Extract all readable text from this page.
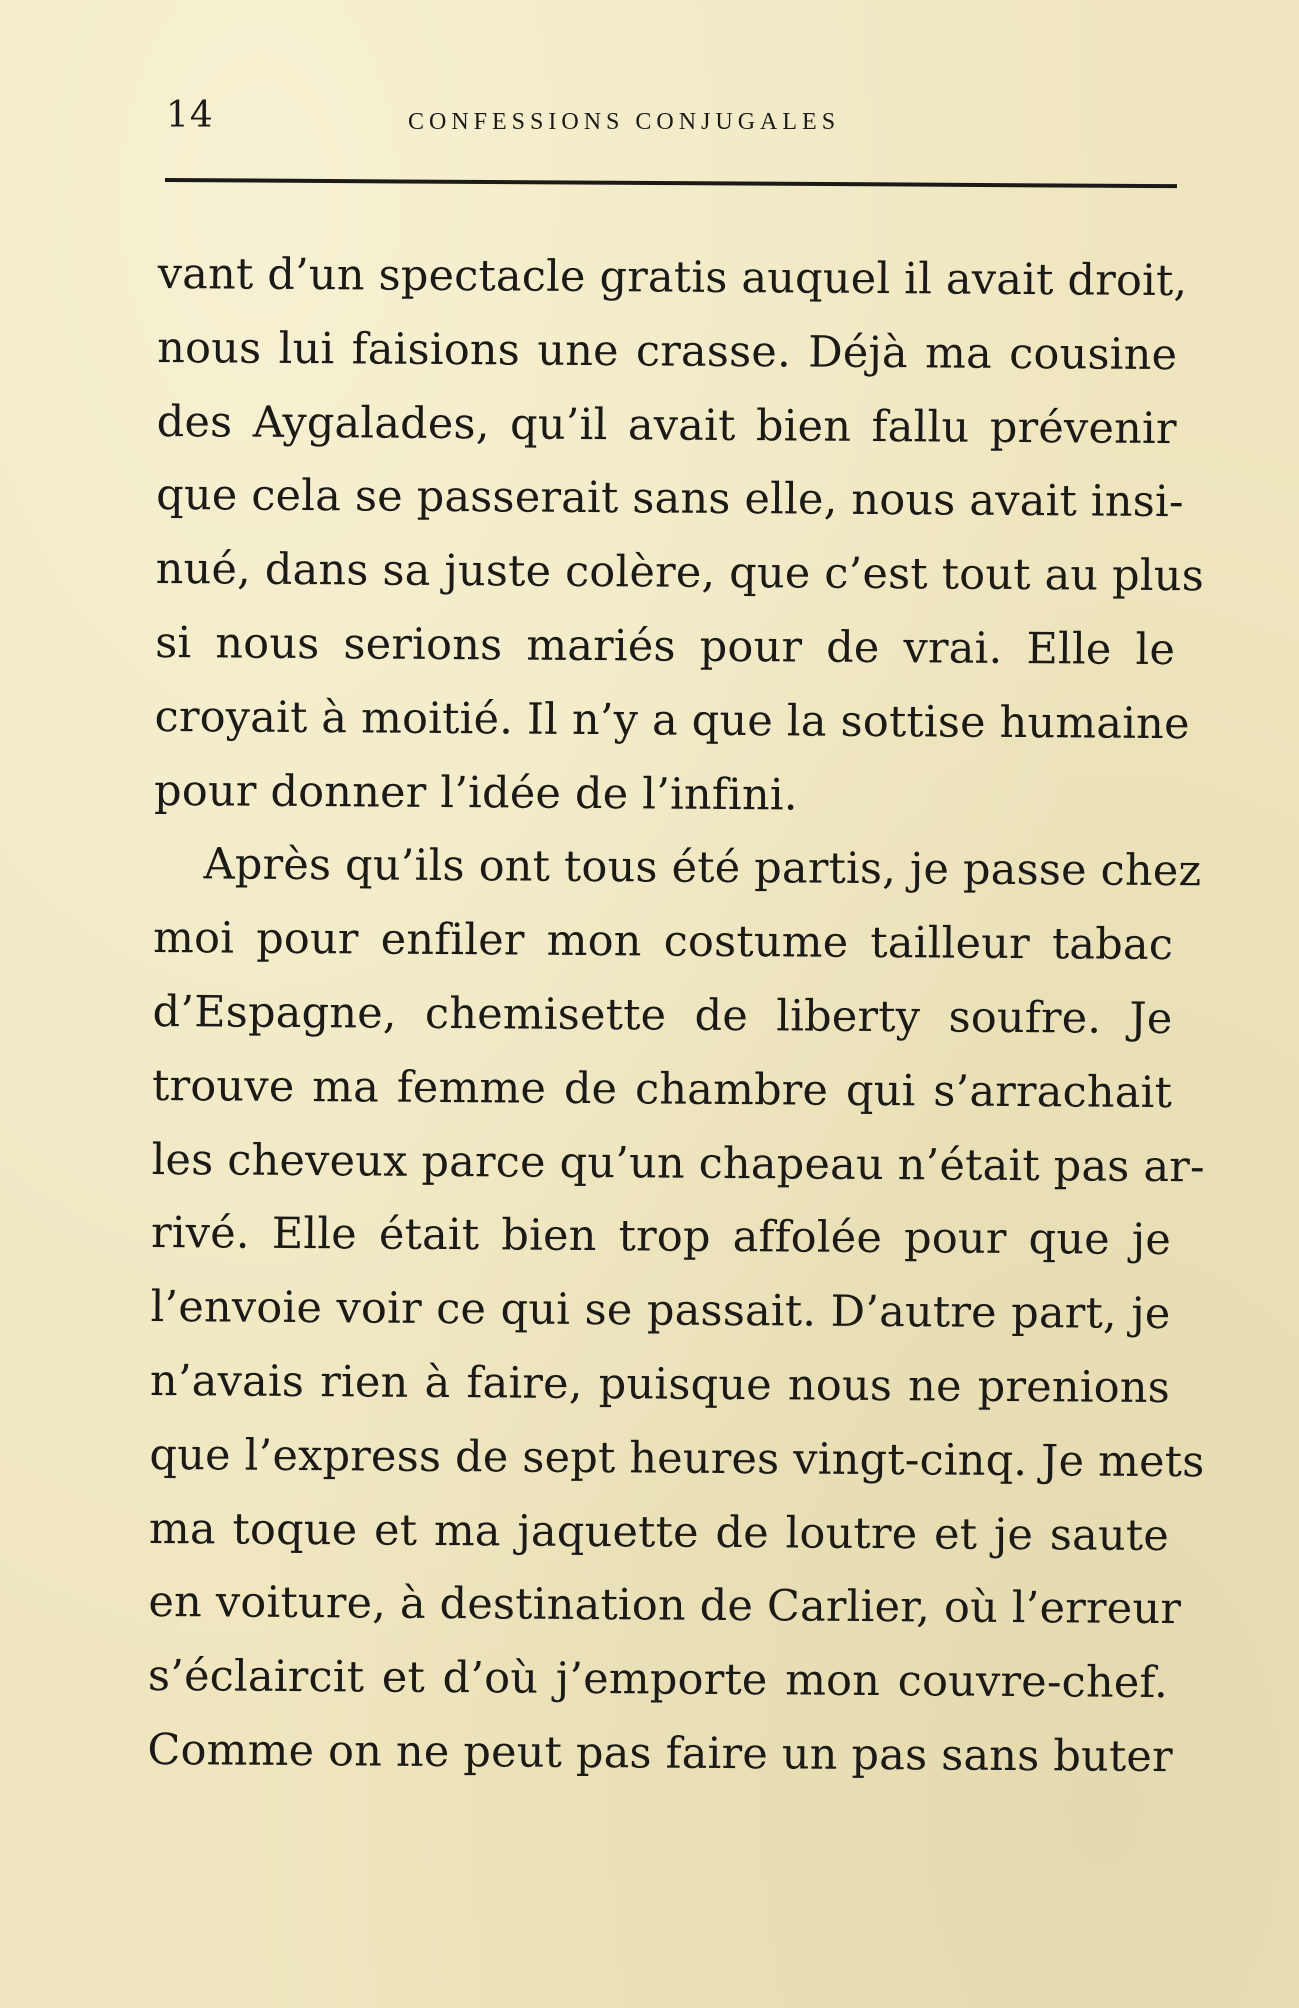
14	CONFESSIONS CONJUGALES
vant d’un spectacle gratis auquel il avait droit,
nous lui faisions une crasse. Déjà ma cousine
des Aygalades, qu’il avait bien fallu prévenir
que cela se passerait sans elle, nous avait insi-
nué, dans sa juste colère, que c’est tout au plus
si nous serions mariés pour de vrai. Elle le
croyait à moitié. Il n’y a que la sottise humaine
pour donner l’idée de l’infini.
Après qu’ils ont tous été partis, je passe chez
moi pour enfiler mon costume tailleur tabac
d’Espagne, chemisette de liberty soufre. Je
trouve ma femme de chambre qui s’arrachait
les cheveux parce qu’un chapeau n’était pas ar-
rivé. Elle était bien trop affolée pour que je
l’envoie voir ce qui se passait. D’autre part, je
n’avais rien à faire, puisque nous ne prenions
que l’express de sept heures vingt-cinq. Je mets
ma toque et ma jaquette de loutre et je saute
en voiture, à destination de Carlier, où l’erreur
s’éclaircit et d’où j’emporte mon couvre-chef.
Comme on ne peut pas faire un pas sans buter
